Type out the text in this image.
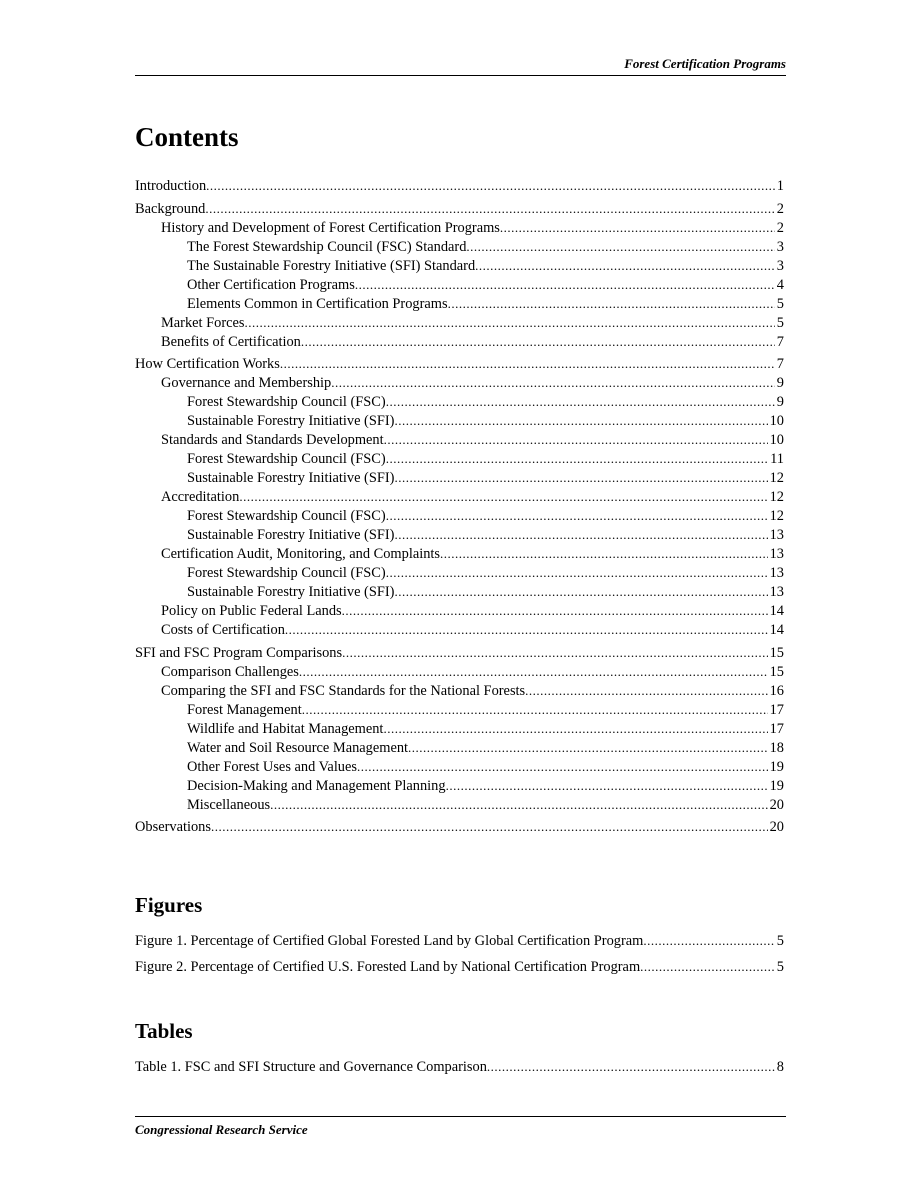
Forest Certification Programs
Contents
Introduction .....	1
Background .....	2
History and Development of Forest Certification Programs .....	2
The Forest Stewardship Council (FSC) Standard .....	3
The Sustainable Forestry Initiative (SFI) Standard .....	3
Other Certification Programs .....	4
Elements Common in Certification Programs .....	5
Market Forces .....	5
Benefits of Certification .....	7
How Certification Works .....	7
Governance and Membership .....	9
Forest Stewardship Council (FSC) .....	9
Sustainable Forestry Initiative (SFI) .....	10
Standards and Standards Development .....	10
Forest Stewardship Council (FSC) .....	11
Sustainable Forestry Initiative (SFI) .....	12
Accreditation .....	12
Forest Stewardship Council (FSC) .....	12
Sustainable Forestry Initiative (SFI) .....	13
Certification Audit, Monitoring, and Complaints .....	13
Forest Stewardship Council (FSC) .....	13
Sustainable Forestry Initiative (SFI) .....	13
Policy on Public Federal Lands .....	14
Costs of Certification .....	14
SFI and FSC Program Comparisons .....	15
Comparison Challenges .....	15
Comparing the SFI and FSC Standards for the National Forests .....	16
Forest Management .....	17
Wildlife and Habitat Management .....	17
Water and Soil Resource Management .....	18
Other Forest Uses and Values .....	19
Decision-Making and Management Planning .....	19
Miscellaneous .....	20
Observations .....	20
Figures
Figure 1. Percentage of Certified Global Forested Land by Global Certification Program .....	5
Figure 2. Percentage of Certified U.S. Forested Land by National Certification Program .....	5
Tables
Table 1. FSC and SFI Structure and Governance Comparison .....	8
Congressional Research Service
